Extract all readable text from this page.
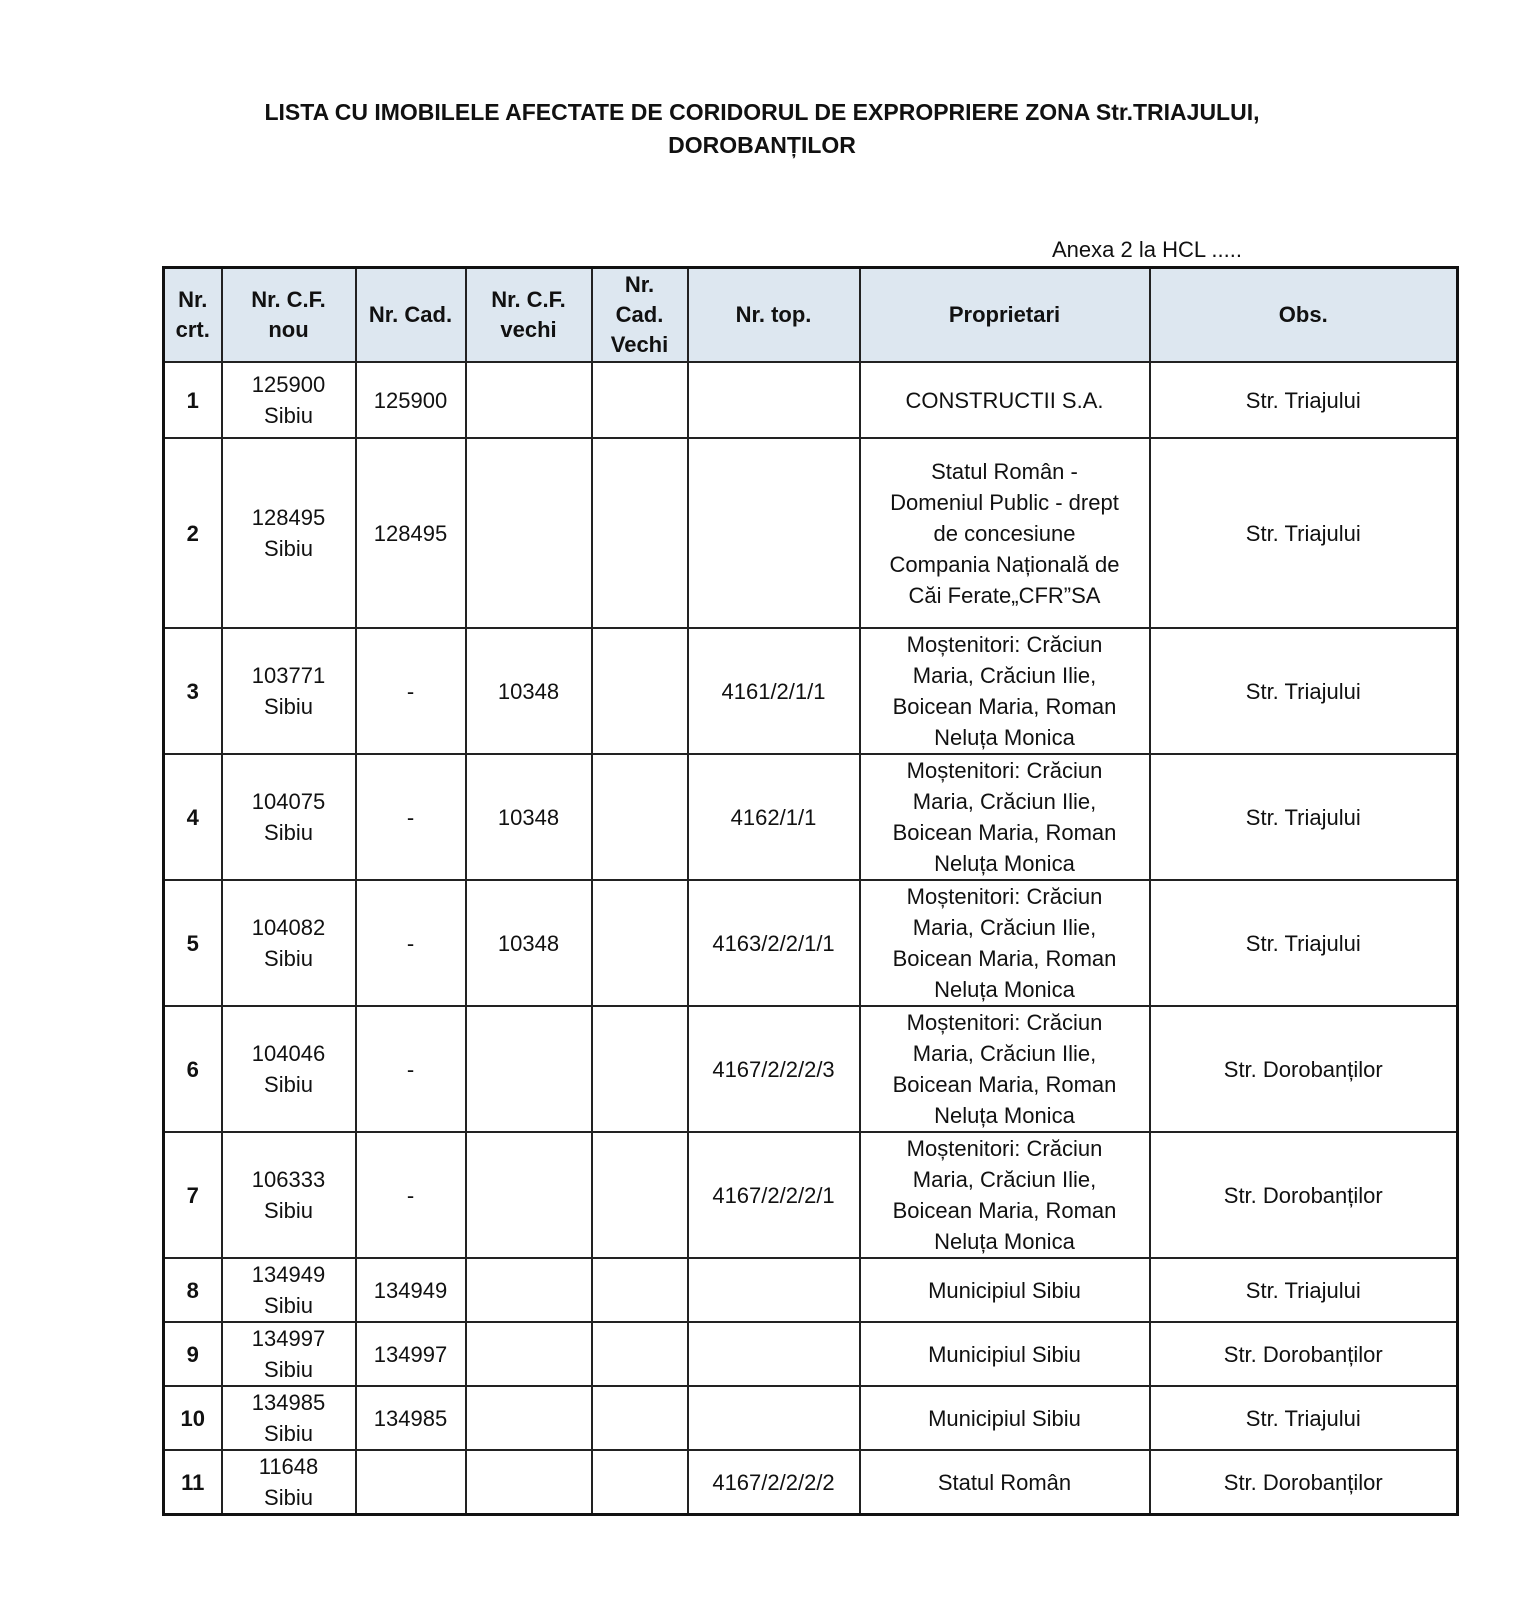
LISTA CU IMOBILELE AFECTATE DE CORIDORUL DE EXPROPRIERE ZONA Str.TRIAJULUI,
DOROBANȚILOR
Anexa 2 la HCL .....
Nr.
crt.	Nr. C.F.
nou	Nr. Cad.	Nr. C.F.
vechi	Nr.
Cad.
Vechi	Nr. top.	Proprietari	Obs.

1	125900
Sibiu	125900				CONSTRUCTII S.A.	Str. Triajului
2	128495
Sibiu	128495				Statul Român -
Domeniul Public - drept
de concesiune
Compania Națională de
Căi Ferate„CFR”SA	Str. Triajului
3	103771
Sibiu	-	10348		4161/2/1/1	Moștenitori: Crăciun
Maria, Crăciun Ilie,
Boicean Maria, Roman
Neluța Monica	Str. Triajului
4	104075
Sibiu	-	10348		4162/1/1	Moștenitori: Crăciun
Maria, Crăciun Ilie,
Boicean Maria, Roman
Neluța Monica	Str. Triajului
5	104082
Sibiu	-	10348		4163/2/2/1/1	Moștenitori: Crăciun
Maria, Crăciun Ilie,
Boicean Maria, Roman
Neluța Monica	Str. Triajului
6	104046
Sibiu	-			4167/2/2/2/3	Moștenitori: Crăciun
Maria, Crăciun Ilie,
Boicean Maria, Roman
Neluța Monica	Str. Dorobanților
7	106333
Sibiu	-			4167/2/2/2/1	Moștenitori: Crăciun
Maria, Crăciun Ilie,
Boicean Maria, Roman
Neluța Monica	Str. Dorobanților
8	134949
Sibiu	134949				Municipiul Sibiu	Str. Triajului
9	134997
Sibiu	134997				Municipiul Sibiu	Str. Dorobanților
10	134985
Sibiu	134985				Municipiul Sibiu	Str. Triajului
11	11648
Sibiu				4167/2/2/2/2	Statul Român	Str. Dorobanților
